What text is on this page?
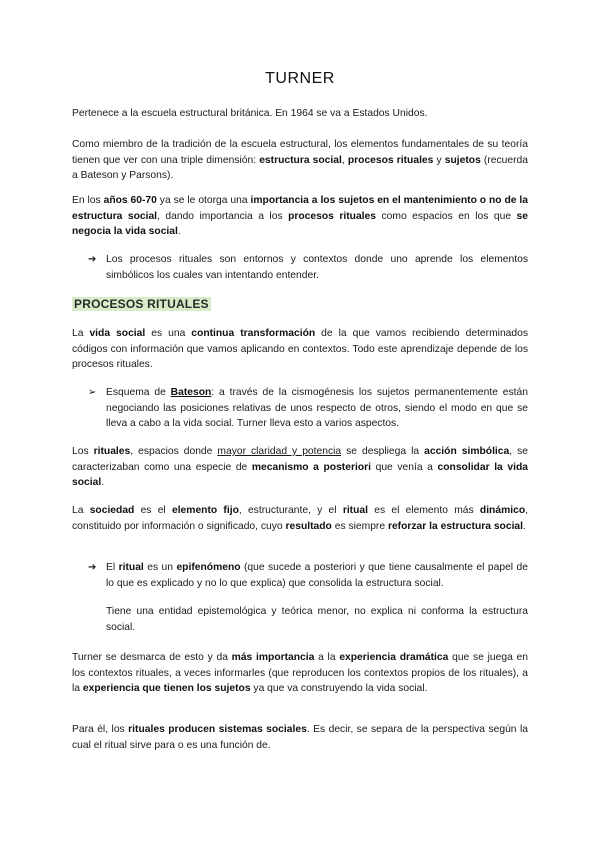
TURNER

Pertenece a la escuela estructural británica. En 1964 se va a Estados Unidos.

Como miembro de la tradición de la escuela estructural, los elementos fundamentales de su teoría tienen que ver con una triple dimensión: estructura social, procesos rituales y sujetos (recuerda a Bateson y Parsons).

En los años 60-70 ya se le otorga una importancia a los sujetos en el mantenimiento o no de la estructura social, dando importancia a los procesos rituales como espacios en los que se negocia la vida social.

➔ Los procesos rituales son entornos y contextos donde uno aprende los elementos simbólicos los cuales van intentando entender.

PROCESOS RITUALES

La vida social es una continua transformación de la que vamos recibiendo determinados códigos con información que vamos aplicando en contextos. Todo este aprendizaje depende de los procesos rituales.

➢ Esquema de Bateson: a través de la cismogénesis los sujetos permanentemente están negociando las posiciones relativas de unos respecto de otros, siendo el modo en que se lleva a cabo a la vida social. Turner lleva esto a varios aspectos.

Los rituales, espacios donde mayor claridad y potencia se despliega la acción simbólica, se caracterizaban como una especie de mecanismo a posteriori que venía a consolidar la vida social.

La sociedad es el elemento fijo, estructurante, y el ritual es el elemento más dinámico, constituido por información o significado, cuyo resultado es siempre reforzar la estructura social.

➔ El ritual es un epifenómeno (que sucede a posteriori y que tiene causalmente el papel de lo que es explicado y no lo que explica) que consolida la estructura social.

Tiene una entidad epistemológica y teórica menor, no explica ni conforma la estructura social.

Turner se desmarca de esto y da más importancia a la experiencia dramática que se juega en los contextos rituales, a veces informarles (que reproducen los contextos propios de los rituales), a la experiencia que tienen los sujetos ya que va construyendo la vida social.

Para él, los rituales producen sistemas sociales. Es decir, se separa de la perspectiva según la cual el ritual sirve para o es una función de.
